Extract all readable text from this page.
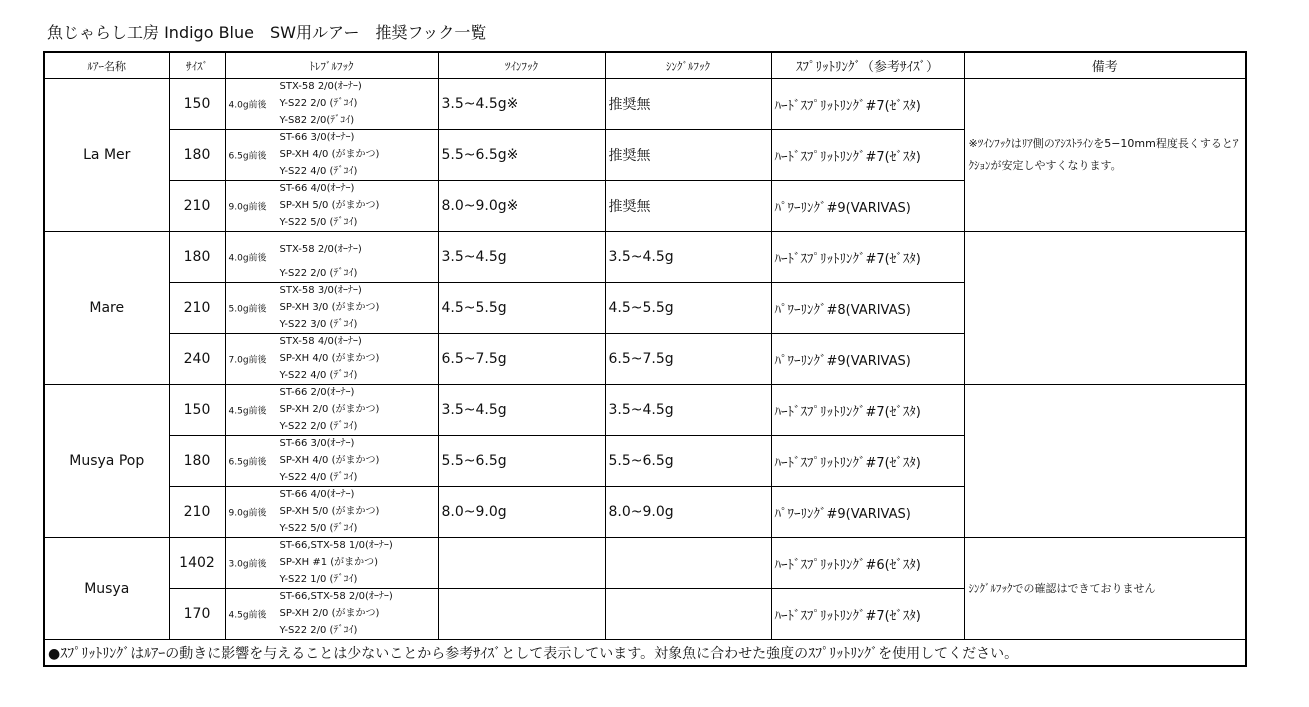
魚じゃらし工房 Indigo Blue　SW用ルアー　推奨フック一覧
ﾙｱｰ名称	ｻｲｽﾞ	ﾄﾚﾌﾞﾙﾌｯｸ	ﾂｲﾝﾌｯｸ	ｼﾝｸﾞﾙﾌｯｸ	ｽﾌﾟﾘｯﾄﾘﾝｸﾞ（参考ｻｲｽﾞ）	備考
La Mer	150	4.0g前後
STX-58 2/0(ｵｰﾅｰ)
Y-S22 2/0 (ﾃﾞｺｲ)
Y-S82 2/0(ﾃﾞｺｲ)	3.5~4.5g※	推奨無	ﾊｰﾄﾞｽﾌﾟﾘｯﾄﾘﾝｸﾞ#7(ｾﾞｽﾀ)	※ﾂｲﾝﾌｯｸはﾘｱ側のｱｼｽﾄﾗｲﾝを5−10mm程度長くするとｱｸｼｮﾝが安定しやすくなります。
	180	6.5g前後
ST-66 3/0(ｵｰﾅｰ)
SP-XH 4/0 (がまかつ)
Y-S22 4/0 (ﾃﾞｺｲ)	5.5~6.5g※	推奨無	ﾊｰﾄﾞｽﾌﾟﾘｯﾄﾘﾝｸﾞ#7(ｾﾞｽﾀ)	
	210	9.0g前後
ST-66 4/0(ｵｰﾅｰ)
SP-XH 5/0 (がまかつ)
Y-S22 5/0 (ﾃﾞｺｲ)	8.0~9.0g※	推奨無	ﾊﾟﾜｰﾘﾝｸﾞ#9(VARIVAS)	
Mare	180	4.0g前後
STX-58 2/0(ｵｰﾅｰ)
Y-S22 2/0 (ﾃﾞｺｲ)	3.5~4.5g	3.5~4.5g	ﾊｰﾄﾞｽﾌﾟﾘｯﾄﾘﾝｸﾞ#7(ｾﾞｽﾀ)	
	210	5.0g前後
STX-58 3/0(ｵｰﾅｰ)
SP-XH 3/0 (がまかつ)
Y-S22 3/0 (ﾃﾞｺｲ)	4.5~5.5g	4.5~5.5g	ﾊﾟﾜｰﾘﾝｸﾞ#8(VARIVAS)	
	240	7.0g前後
STX-58 4/0(ｵｰﾅｰ)
SP-XH 4/0 (がまかつ)
Y-S22 4/0 (ﾃﾞｺｲ)	6.5~7.5g	6.5~7.5g	ﾊﾟﾜｰﾘﾝｸﾞ#9(VARIVAS)	
Musya Pop	150	4.5g前後
ST-66 2/0(ｵｰﾅｰ)
SP-XH 2/0 (がまかつ)
Y-S22 2/0 (ﾃﾞｺｲ)	3.5~4.5g	3.5~4.5g	ﾊｰﾄﾞｽﾌﾟﾘｯﾄﾘﾝｸﾞ#7(ｾﾞｽﾀ)	
	180	6.5g前後
ST-66 3/0(ｵｰﾅｰ)
SP-XH 4/0 (がまかつ)
Y-S22 4/0 (ﾃﾞｺｲ)	5.5~6.5g	5.5~6.5g	ﾊｰﾄﾞｽﾌﾟﾘｯﾄﾘﾝｸﾞ#7(ｾﾞｽﾀ)	
	210	9.0g前後
ST-66 4/0(ｵｰﾅｰ)
SP-XH 5/0 (がまかつ)
Y-S22 5/0 (ﾃﾞｺｲ)	8.0~9.0g	8.0~9.0g	ﾊﾟﾜｰﾘﾝｸﾞ#9(VARIVAS)	
Musya	1402	3.0g前後
ST-66,STX-58 1/0(ｵｰﾅｰ)
SP-XH #1 (がまかつ)
Y-S22 1/0 (ﾃﾞｺｲ)			ﾊｰﾄﾞｽﾌﾟﾘｯﾄﾘﾝｸﾞ#6(ｾﾞｽﾀ)	ｼﾝｸﾞﾙﾌｯｸでの確認はできておりません
	170	4.5g前後
ST-66,STX-58 2/0(ｵｰﾅｰ)
SP-XH 2/0 (がまかつ)
Y-S22 2/0 (ﾃﾞｺｲ)			ﾊｰﾄﾞｽﾌﾟﾘｯﾄﾘﾝｸﾞ#7(ｾﾞｽﾀ)	
●ｽﾌﾟﾘｯﾄﾘﾝｸﾞはﾙｱｰの動きに影響を与えることは少ないことから参考ｻｲｽﾞとして表示しています。対象魚に合わせた強度のｽﾌﾟﾘｯﾄﾘﾝｸﾞを使用してください。						
